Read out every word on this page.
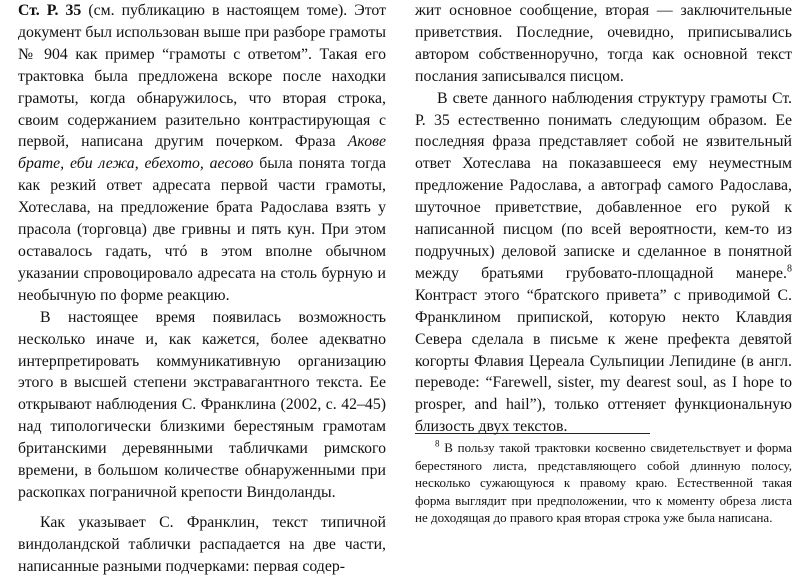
Ст. Р. 35 (см. публикацию в настоящем томе). Этот документ был использован выше при разборе грамоты № 904 как пример “грамоты с ответом”. Такая его трактовка была предложена вскоре после находки грамоты, когда обнаружилось, что вторая строка, своим содержанием разительно контрастирующая с первой, написана другим почерком. Фраза Акове брате, еби лежа, ебехото, аесово была понята тогда как резкий ответ адресата первой части грамоты, Хотеслава, на предложение брата Радослава взять у прасола (торговца) две гривны и пять кун. При этом оставалось гадать, чтó в этом вполне обычном указании спровоцировало адресата на столь бурную и необычную по форме реакцию.

В настоящее время появилась возможность несколько иначе и, как кажется, более адекватно интерпретировать коммуникативную организацию этого в высшей степени экстравагантного текста. Ее открывают наблюдения С. Франклина (2002, с. 42–45) над типологически близкими берестяным грамотам британскими деревянными табличками римского времени, в большом количестве обнаруженными при раскопках пограничной крепости Виндоланды.

Как указывает С. Франклин, текст типичной виндоландской таблички распадается на две части, написанные разными подчерками: первая содер-

жит основное сообщение, вторая — заключительные приветствия. Последние, очевидно, приписывались автором собственноручно, тогда как основной текст послания записывался писцом.

В свете данного наблюдения структуру грамоты Ст. Р. 35 естественно понимать следующим образом. Ее последняя фраза представляет собой не язвительный ответ Хотеслава на показавшееся ему неуместным предложение Радослава, а автограф самого Радослава, шуточное приветствие, добавленное его рукой к написанной писцом (по всей вероятности, кем-то из подручных) деловой записке и сделанное в понятной между братьями грубовато-площадной манере.$^8$ Контраст этого “братского привета” с приводимой С. Франклином припиской, которую некто Клавдия Севера сделала в письме к жене префекта девятой когорты Флавия Цереала Сульпиции Лепидине (в англ. переводе: “Farewell, sister, my dearest soul, as I hope to prosper, and hail”), только оттеняет функциональную близость двух текстов.

$^8$ В пользу такой трактовки косвенно свидетельствует и форма берестяного листа, представляющего собой длинную полосу, несколько сужающуюся к правому краю. Естественной такая форма выглядит при предположении, что к моменту обреза листа не доходящая до правого края вторая строка уже была написана.
